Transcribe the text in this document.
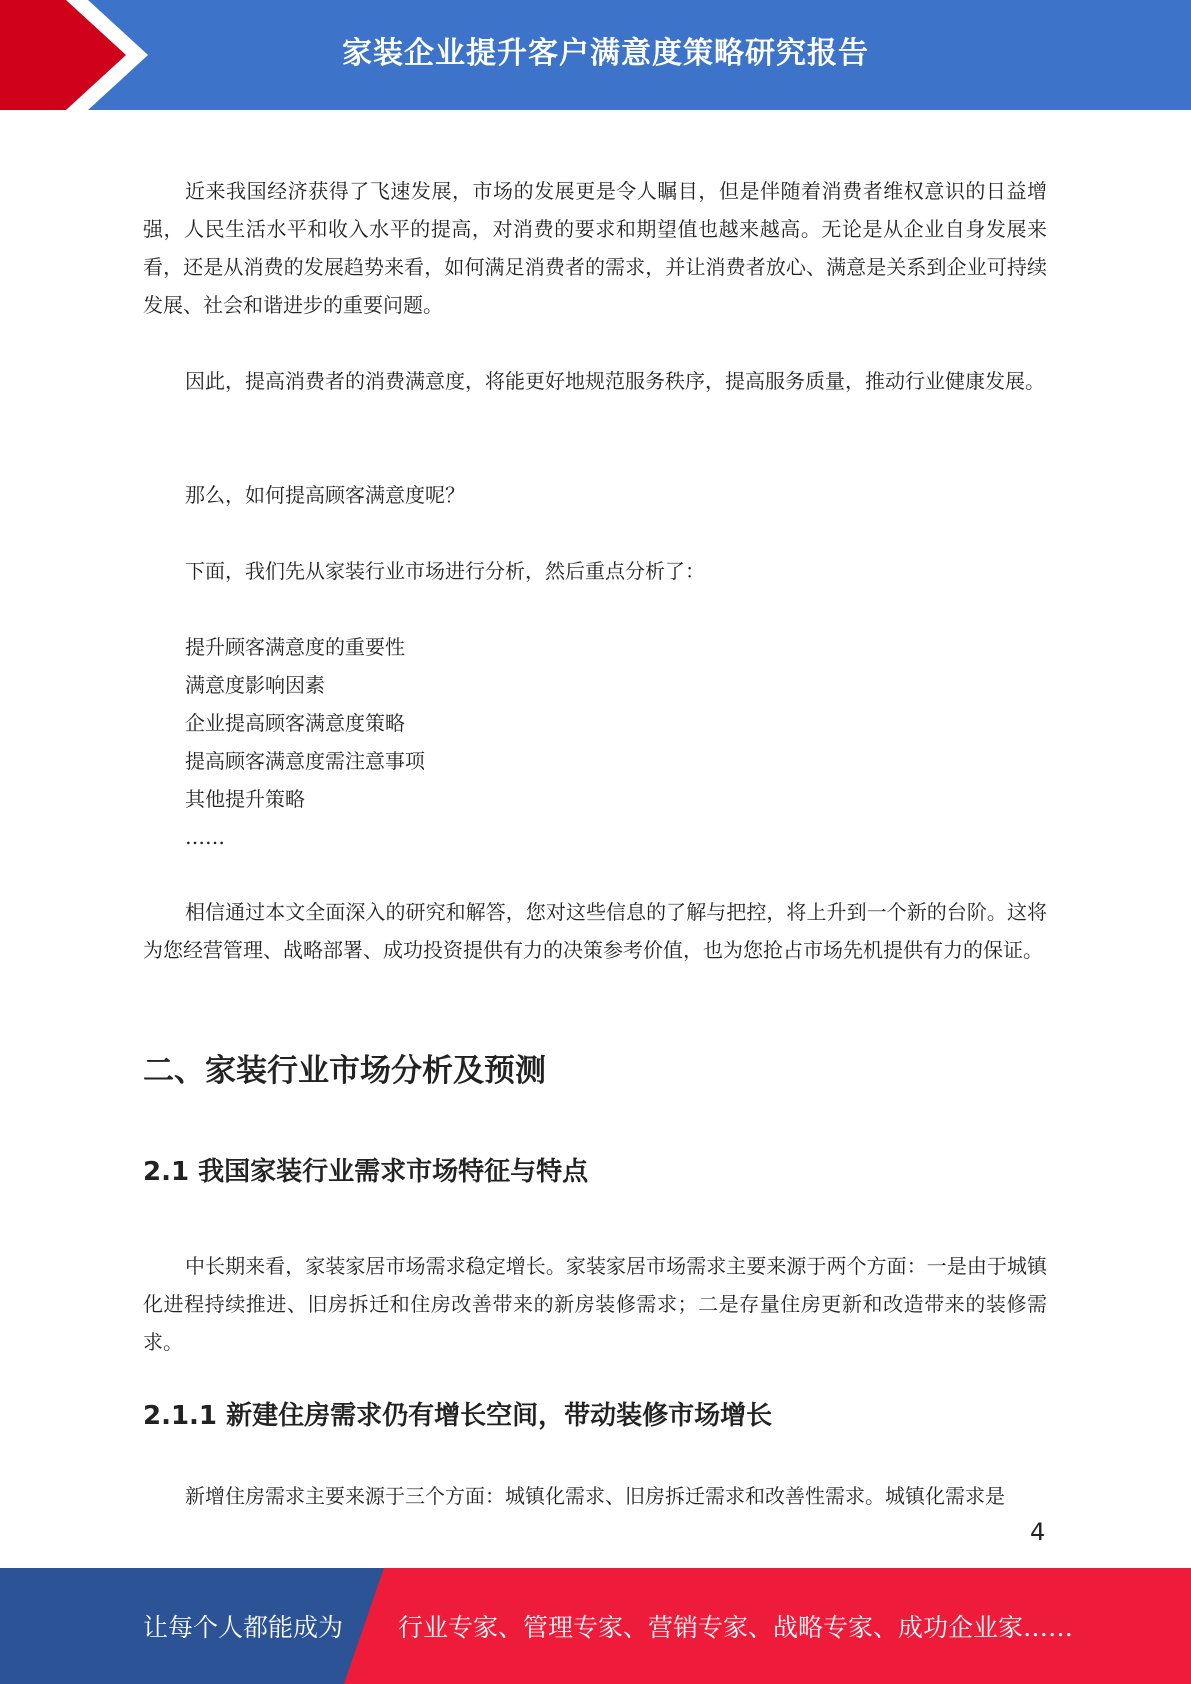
家装企业提升客户满意度策略研究报告
近来我国经济获得了飞速发展，市场的发展更是令人瞩目，但是伴随着消费者维权意识的日益增强，人民生活水平和收入水平的提高，对消费的要求和期望值也越来越高。无论是从企业自身发展来看，还是从消费的发展趋势来看，如何满足消费者的需求，并让消费者放心、满意是关系到企业可持续发展、社会和谐进步的重要问题。
因此，提高消费者的消费满意度，将能更好地规范服务秩序，提高服务质量，推动行业健康发展。
那么，如何提高顾客满意度呢？
下面，我们先从家装行业市场进行分析，然后重点分析了：
提升顾客满意度的重要性
满意度影响因素
企业提高顾客满意度策略
提高顾客满意度需注意事项
其他提升策略
……
相信通过本文全面深入的研究和解答，您对这些信息的了解与把控，将上升到一个新的台阶。这将为您经营管理、战略部署、成功投资提供有力的决策参考价值，也为您抢占市场先机提供有力的保证。
二、家装行业市场分析及预测
2.1 我国家装行业需求市场特征与特点
中长期来看，家装家居市场需求稳定增长。家装家居市场需求主要来源于两个方面：一是由于城镇化进程持续推进、旧房拆迁和住房改善带来的新房装修需求；二是存量住房更新和改造带来的装修需求。
2.1.1 新建住房需求仍有增长空间，带动装修市场增长
新增住房需求主要来源于三个方面：城镇化需求、旧房拆迁需求和改善性需求。城镇化需求是
4
让每个人都能成为 行业专家、管理专家、营销专家、战略专家、成功企业家……
